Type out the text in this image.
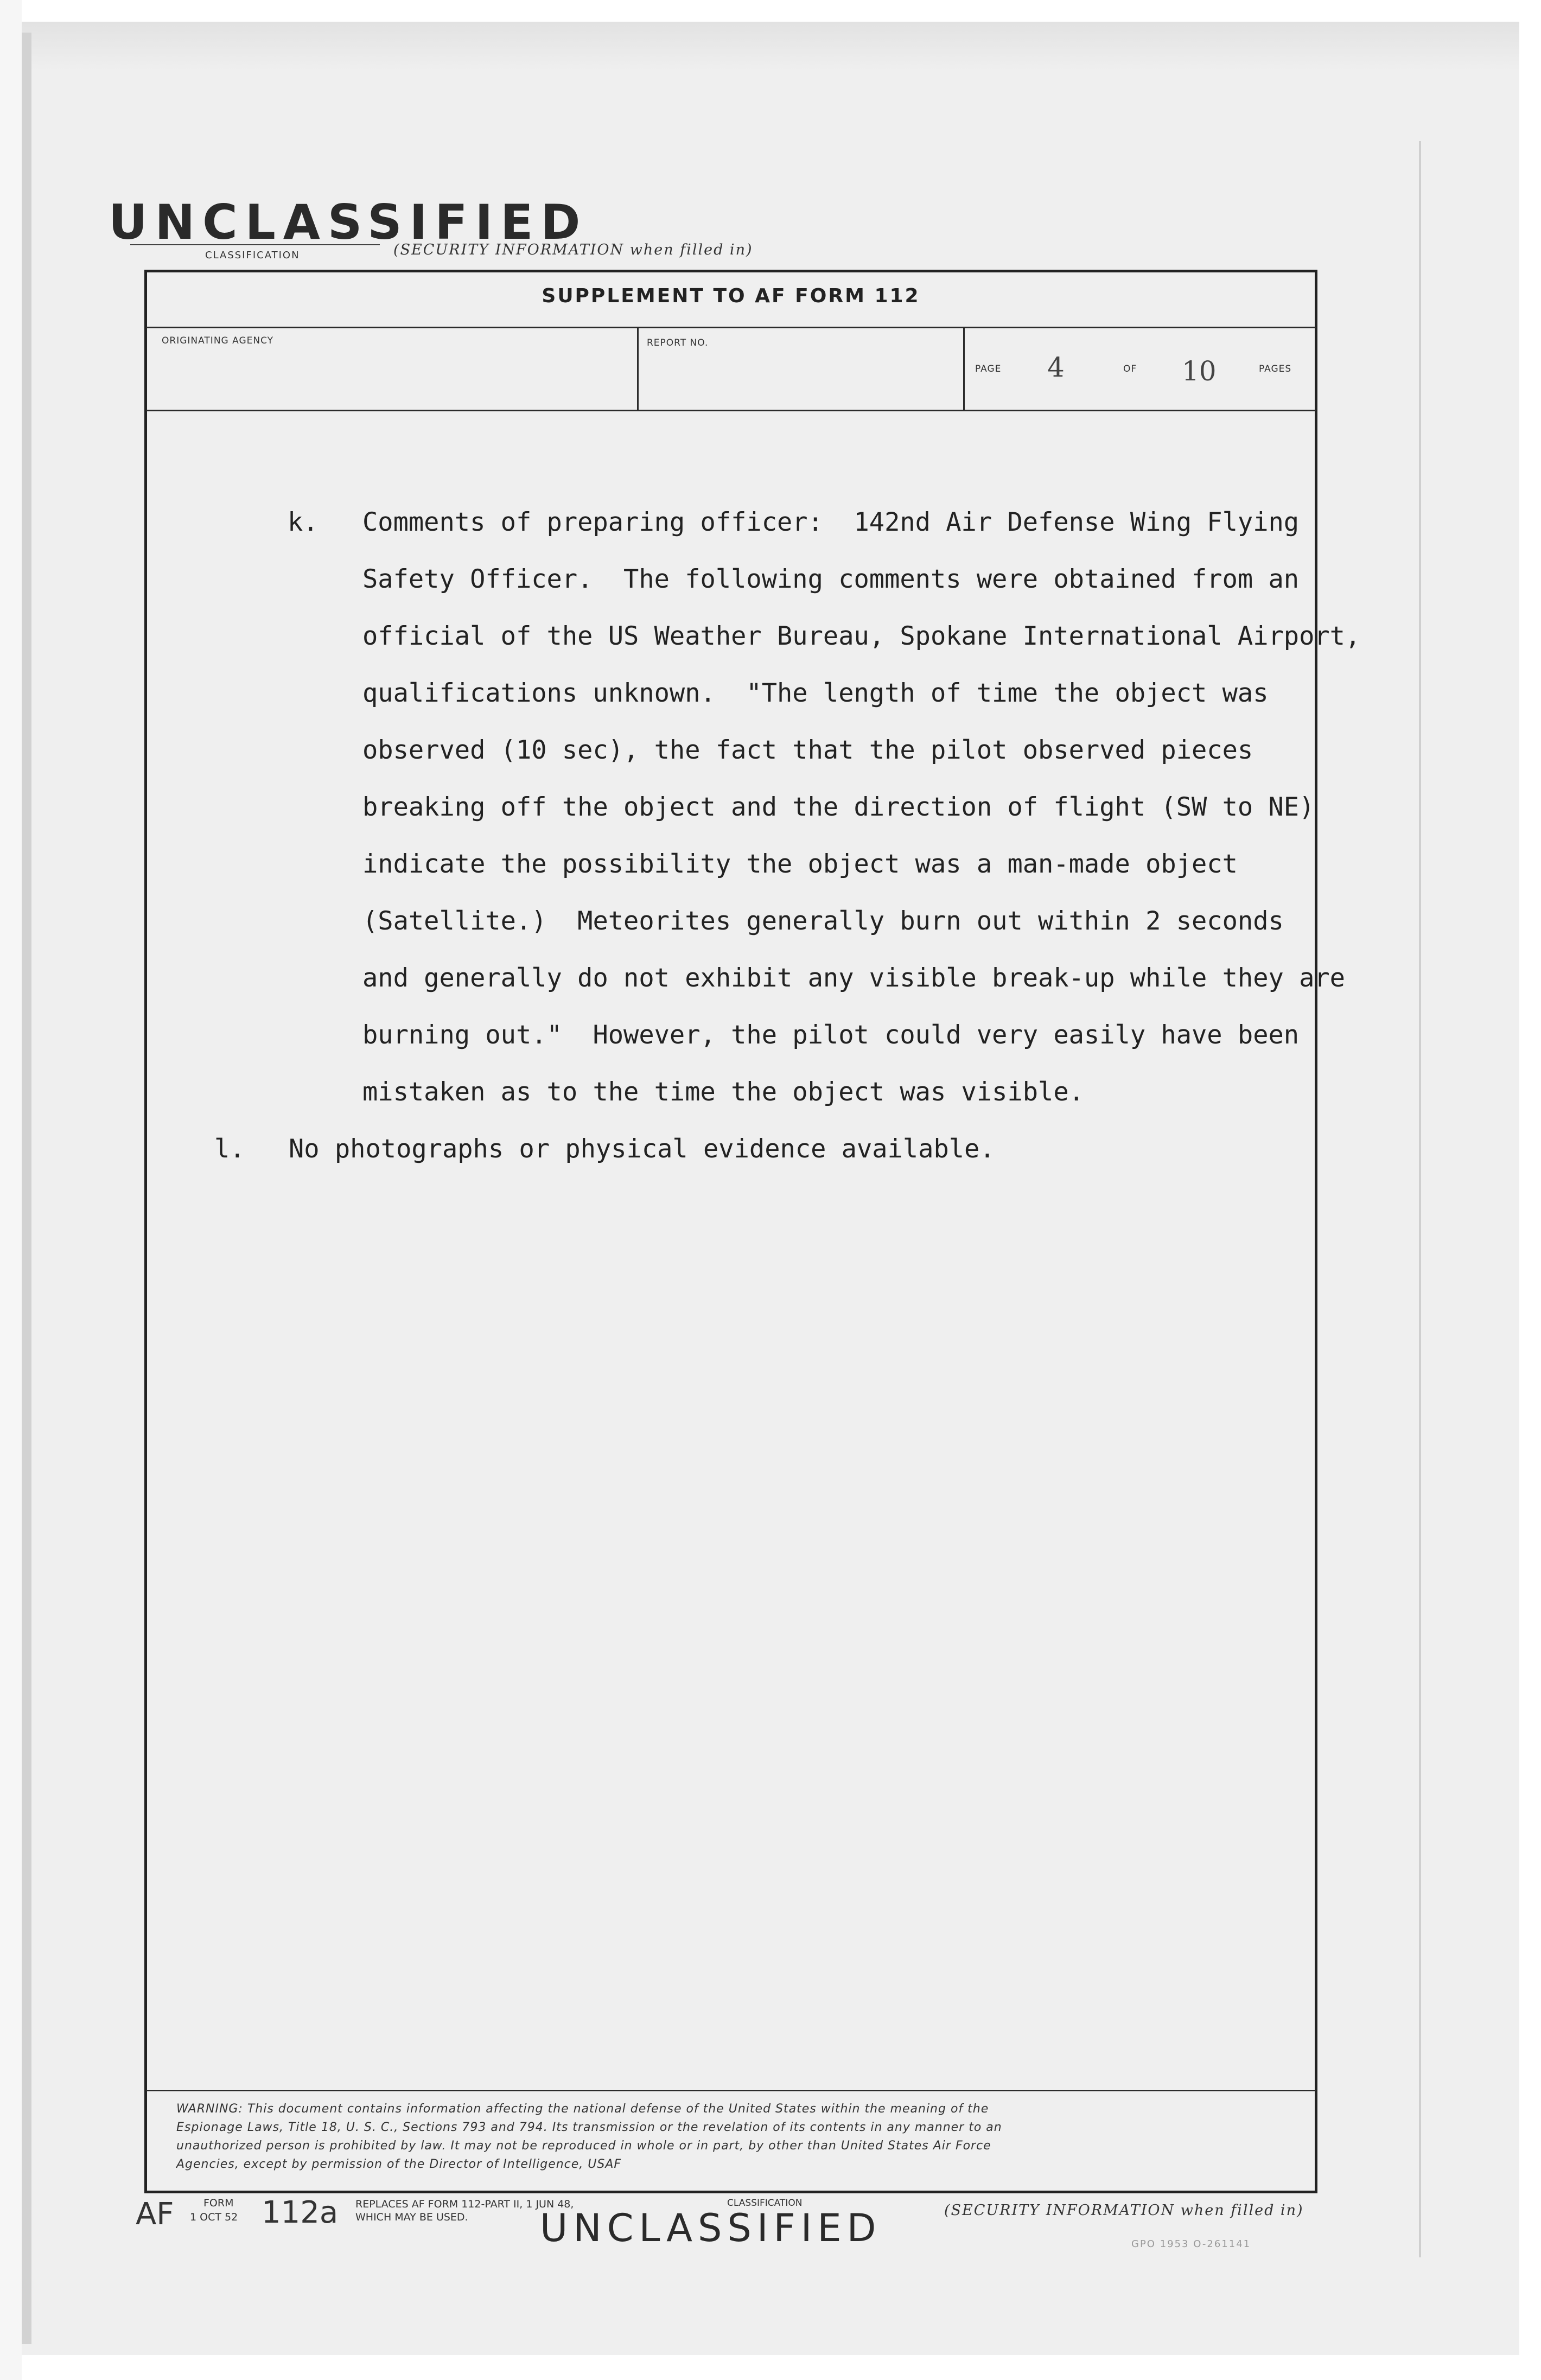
UNCLASSIFIED
CLASSIFICATION	(SECURITY INFORMATION when filled in)
SUPPLEMENT TO AF FORM 112
ORIGINATING AGENCY	REPORT NO.
PAGE 4	OF 10	PAGES
k. Comments of preparing officer:  142nd Air Defense Wing Flying
Safety Officer.  The following comments were obtained from an
official of the US Weather Bureau, Spokane International Airport,
qualifications unknown.  "The length of time the object was
observed (10 sec), the fact that the pilot observed pieces
breaking off the object and the direction of flight (SW to NE)
indicate the possibility the object was a man-made object
(Satellite.)  Meteorites generally burn out within 2 seconds
and generally do not exhibit any visible break-up while they are
burning out."  However, the pilot could very easily have been
mistaken as to the time the object was visible.
l. No photographs or physical evidence available.
WARNING: This document contains information affecting the national defense of the United States within the meaning of the
Espionage Laws, Title 18, U. S. C., Sections 793 and 794. Its transmission or the revelation of its contents in any manner to an
unauthorized person is prohibited by law. It may not be reproduced in whole or in part, by other than United States Air Force
Agencies, except by permission of the Director of Intelligence, USAF
AF	FORM
1 OCT 52 112a REPLACES AF FORM 112-PART II, 1 JUN 48,
WHICH MAY BE USED.
CLASSIFICATION
UNCLASSIFIED	(SECURITY INFORMATION when filled in)
GPO 1953 O-261141
